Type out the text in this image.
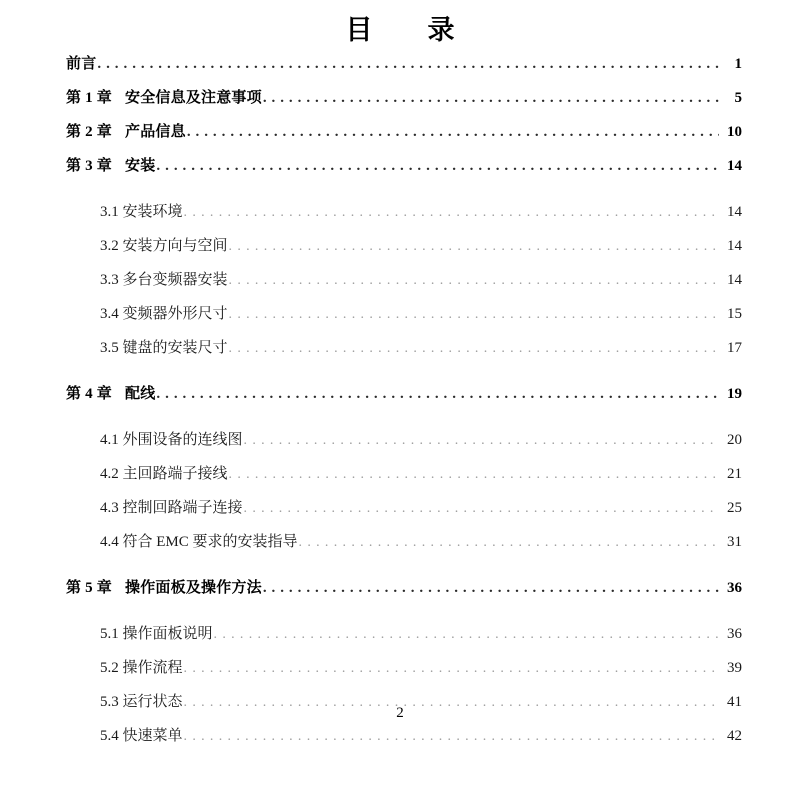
目　录
前言 . . .	1
第 1 章 安全信息及注意事项 . . .	5
第 2 章 产品信息 . . .	10
第 3 章 安装 . . .	14
3.1 安装环境 . . .	14
3.2 安装方向与空间 . . .	14
3.3 多台变频器安装 . . .	14
3.4 变频器外形尺寸 . . .	15
3.5 键盘的安装尺寸 . . .	17
第 4 章 配线 . . .	19
4.1 外围设备的连线图 . . .	20
4.2 主回路端子接线 . . .	21
4.3 控制回路端子连接 . . .	25
4.4 符合 EMC 要求的安装指导 . . .	31
第 5 章 操作面板及操作方法 . . .	36
5.1 操作面板说明 . . .	36
5.2 操作流程 . . .	39
5.3 运行状态 . . .	41
5.4 快速菜单 . . .	42
2
